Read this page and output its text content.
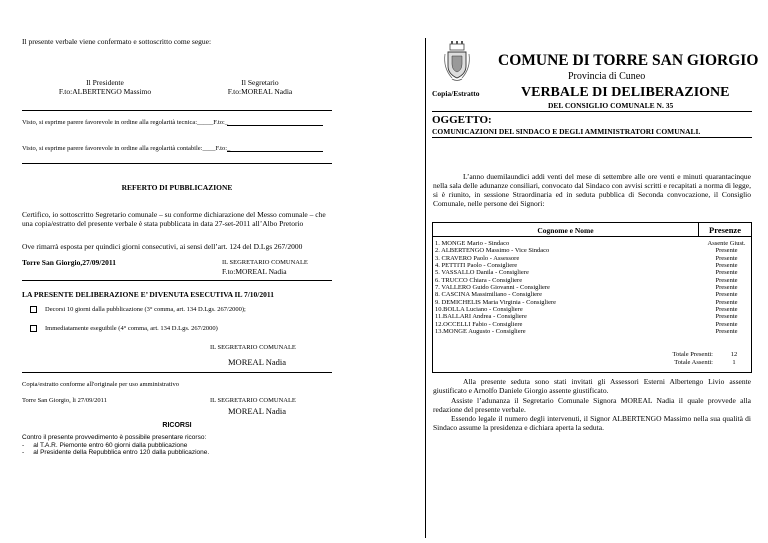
Il presente verbale viene confermato e sottoscritto come segue:
Il Presidente
F.to:ALBERTENGO Massimo
Il Segretario
F.to:MOREAL Nadia
Visto, si esprime parere favorevole in ordine alla regolarità tecnica:_____F.to:_
Visto, si esprime parere favorevole in ordine alla regolarità contabile:____F.to:_
REFERTO DI PUBBLICAZIONE
Certifico, io sottoscritto Segretario comunale – su conforme dichiarazione del Messo comunale – che una copia/estratto del presente verbale è stata pubblicata in data 27-set-2011 all’Albo Pretorio
Ove rimarrà esposta per quindici giorni consecutivi, ai sensi dell’art. 124 del D.Lgs 267/2000
Torre San Giorgio,27/09/2011	IL SEGRETARIO COMUNALE
F.to:MOREAL Nadia
LA PRESENTE DELIBERAZIONE E’ DIVENUTA ESECUTIVA IL 7/10/2011
Decorsi 10 giorni dalla pubblicazione (3° comma, art. 134 D.Lgs. 267/2000);
Immediatamente eseguibile (4° comma, art. 134 D.Lgs. 267/2000)
IL SEGRETARIO COMUNALE
MOREAL Nadia
Copia/estratto conforme all'originale per uso amministrativo
Torre San Giorgio, li 27/09/2011	IL SEGRETARIO COMUNALE
MOREAL Nadia
RICORSI
Contro il presente provvedimento è possibile presentare ricorso:
-     al T.A.R. Piemonte entro 60 giorni dalla pubblicazione
-     al Presidente della Repubblica entro 120 dalla pubblicazione.
COMUNE DI TORRE SAN GIORGIO
Provincia di Cuneo
Copia/Estratto	VERBALE DI DELIBERAZIONE
DEL CONSIGLIO COMUNALE N. 35
OGGETTO:
COMUNICAZIONI DEL SINDACO E DEGLI AMMINISTRATORI COMUNALI.
L’anno duemilaundici addi venti del mese di settembre alle ore venti e minuti quarantacinque nella sala delle adunanze consiliari, convocato dal Sindaco con avvisi scritti e recapitati a norma di legge, si è riunito, in sessione Straordinaria ed in seduta pubblica di Seconda convocazione, il Consiglio Comunale, nelle persone dei Signori:
Cognome e Nome	Presenze
1. MONGE Mario - Sindaco	Assente Giust.
2. ALBERTENGO Massimo - Vice Sindaco	Presente
3. CRAVERO Paolo - Assessore	Presente
4. PETTITI Paolo - Consigliere	Presente
5. VASSALLO Danila - Consigliere	Presente
6. TRUCCO Chiara - Consigliere	Presente
7. VALLERO Guido Giovanni - Consigliere	Presente
8. CASCINA Massimiliano - Consigliere	Presente
9. DEMICHELIS Maria Virginia - Consigliere	Presente
10.BOLLA Luciano - Consigliere	Presente
11.BALLARI Andrea - Consigliere	Presente
12.OCCELLI Fabio - Consigliere	Presente
13.MONGE Augusto - Consigliere	Presente
Totale Presenti:	12
Totale Assenti:	1
Alla presente seduta sono stati invitati gli Assessori Esterni Albertengo Livio assente giustificato e Arnolfo Daniele Giorgio assente giustificato.
Assiste l’adunanza il Segretario Comunale Signora MOREAL Nadia il quale provvede alla redazione del presente verbale.
Essendo legale il numero degli intervenuti, il Signor ALBERTENGO Massimo nella sua qualità di Sindaco assume la presidenza e dichiara aperta la seduta.
